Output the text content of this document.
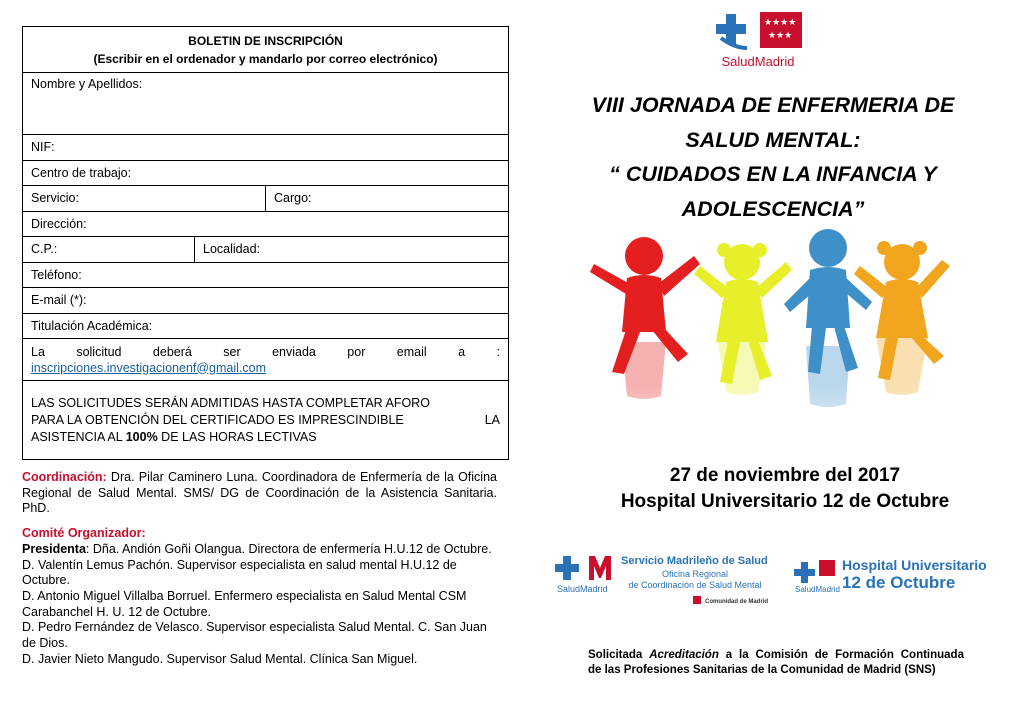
BOLETIN DE INSCRIPCIÓN
(Escribir en el ordenador y mandarlo por correo electrónico)
Nombre y Apellidos:
NIF:
Centro de trabajo:
Servicio:	Cargo:
Dirección:
C.P.:	Localidad:
Teléfono:
E-mail (*):
Titulación Académica:
La	solicitud	deberá	ser	enviada	por	email	a	:
inscripciones.investigacionenf@gmail.com
LAS SOLICITUDES SERÁN ADMITIDAS HASTA COMPLETAR AFORO
PARA LA OBTENCIÓN DEL CERTIFICADO ES IMPRESCINDIBLE	LA
ASISTENCIA AL 100% DE LAS HORAS LECTIVAS

Coordinación: Dra. Pilar Caminero Luna. Coordinadora de Enfermería de la Oficina Regional de Salud Mental. SMS/ DG de Coordinación de la Asistencia Sanitaria. PhD.

Comité Organizador:

Presidenta: Dña. Andión Goñi Olangua. Directora de enfermería H.U.12 de Octubre.

D. Valentín Lemus Pachón. Supervisor especialista en salud mental H.U.12 de Octubre.

D. Antonio Miguel Villalba Borruel. Enfermero especialista en Salud Mental CSM Carabanchel H. U. 12 de Octubre.

D. Pedro Fernández de Velasco. Supervisor especialista Salud Mental. C. San Juan de Dios.

D. Javier Nieto Mangudo. Supervisor Salud Mental. Clínica San Miguel.

★★★★
★★★
SaludMadrid
VIII JORNADA DE ENFERMERIA DE
SALUD MENTAL:
“ CUIDADOS EN LA INFANCIA Y
ADOLESCENCIA”
27 de noviembre del 2017
Hospital Universitario 12 de Octubre
SaludMadrid
Servicio Madrileño de Salud
Oficina Regional
de Coordinación de Salud Mental
Comunidad de Madrid
SaludMadrid
Hospital Universitario
12 de Octubre
Solicitada Acreditación a la Comisión de Formación Continuada
de las Profesiones Sanitarias de la Comunidad de Madrid (SNS)
